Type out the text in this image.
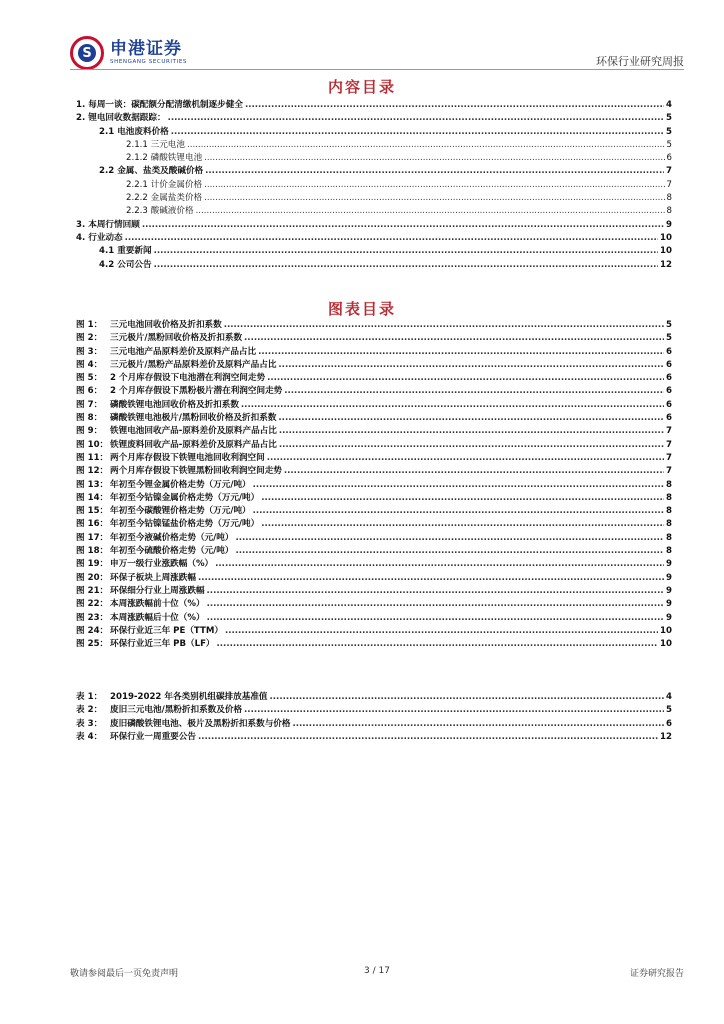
S 申港证券
SHENGANG SECURITIES	环保行业研究周报
内容目录
1. 每周一谈：碳配额分配清缴机制逐步健全 .....	4
2. 锂电回收数据跟踪： .....	5
2.1 电池废料价格 .....	5
2.1.1 三元电池 .....	5
2.1.2 磷酸铁锂电池 .....	6
2.2 金属、盐类及酸碱价格 .....	7
2.2.1 计价金属价格 .....	7
2.2.2 金属盐类价格 .....	8
2.2.3 酸碱液价格 .....	8
3. 本周行情回顾 .....	9
4. 行业动态 .....	10
4.1 重要新闻 .....	10
4.2 公司公告 .....	12
图表目录
图 1： 三元电池回收价格及折扣系数 .....	5
图 2： 三元极片/黑粉回收价格及折扣系数 .....	5
图 3： 三元电池产品原料差价及原料产品占比 .....	6
图 4： 三元极片/黑粉产品原料差价及原料产品占比 .....	6
图 5： 2 个月库存假设下电池潜在利润空间走势 .....	6
图 6： 2 个月库存假设下黑粉极片潜在利润空间走势 .....	6
图 7： 磷酸铁锂电池回收价格及折扣系数 .....	6
图 8： 磷酸铁锂电池极片/黑粉回收价格及折扣系数 .....	6
图 9： 铁锂电池回收产品-原料差价及原料产品占比 .....	7
图 10： 铁锂废料回收产品-原料差价及原料产品占比 .....	7
图 11： 两个月库存假设下铁锂电池回收利润空间 .....	7
图 12： 两个月库存假设下铁锂黑粉回收利润空间走势 .....	7
图 13： 年初至今锂金属价格走势（万元/吨） .....	8
图 14： 年初至今钴镍金属价格走势（万元/吨） .....	8
图 15： 年初至今碳酸锂价格走势（万元/吨） .....	8
图 16： 年初至今钴镍锰盐价格走势（万元/吨） .....	8
图 17： 年初至今液碱价格走势（元/吨） .....	8
图 18： 年初至今硫酸价格走势（元/吨） .....	8
图 19： 申万一级行业涨跌幅（%） .....	9
图 20： 环保子板块上周涨跌幅 .....	9
图 21： 环保细分行业上周涨跌幅 .....	9
图 22： 本周涨跌幅前十位（%） .....	9
图 23： 本周涨跌幅后十位（%） .....	9
图 24： 环保行业近三年 PE（TTM） .....	10
图 25： 环保行业近三年 PB（LF） .....	10
表 1： 2019-2022 年各类别机组碳排放基准值 .....	4
表 2： 废旧三元电池/黑粉折扣系数及价格 .....	5
表 3： 废旧磷酸铁锂电池、极片及黑粉折扣系数与价格 .....	6
表 4： 环保行业一周重要公告 .....	12
敬请参阅最后一页免责声明	3 / 17	证券研究报告
